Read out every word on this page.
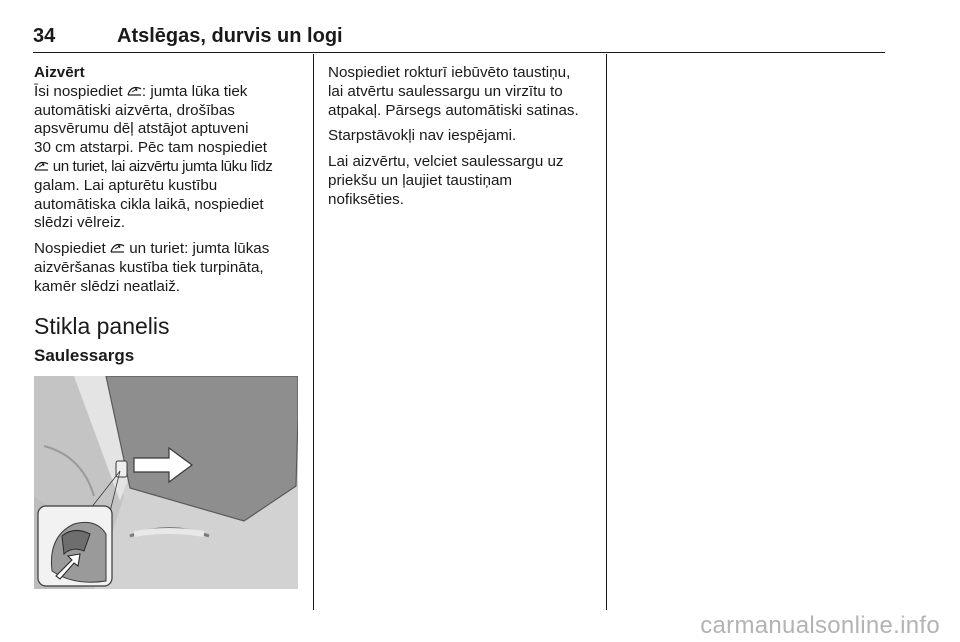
34	Atslēgas, durvis un logi
Aizvērt

Īsi nospiediet
: jumta lūka tiek
automātiski aizvērta, drošības
apsvērumu dēļ atstājot aptuveni
30 cm atstarpi. Pēc tam nospiediet
un turiet, lai aizvērtu jumta lūku līdz
galam. Lai apturētu kustību
automātiska cikla laikā, nospiediet
slēdzi vēlreiz.

Nospiediet
un turiet: jumta lūkas
aizvēršanas kustība tiek turpināta,
kamēr slēdzi neatlaiž.

Stikla panelis
Saulessargs

Nospiediet rokturī iebūvēto taustiņu,
lai atvērtu saulessargu un virzītu to
atpakaļ. Pārsegs automātiski satinas.

Starpstāvokļi nav iespējami.

Lai aizvērtu, velciet saulessargu uz
priekšu un ļaujiet taustiņam
nofiksēties.

carmanualsonline.info
